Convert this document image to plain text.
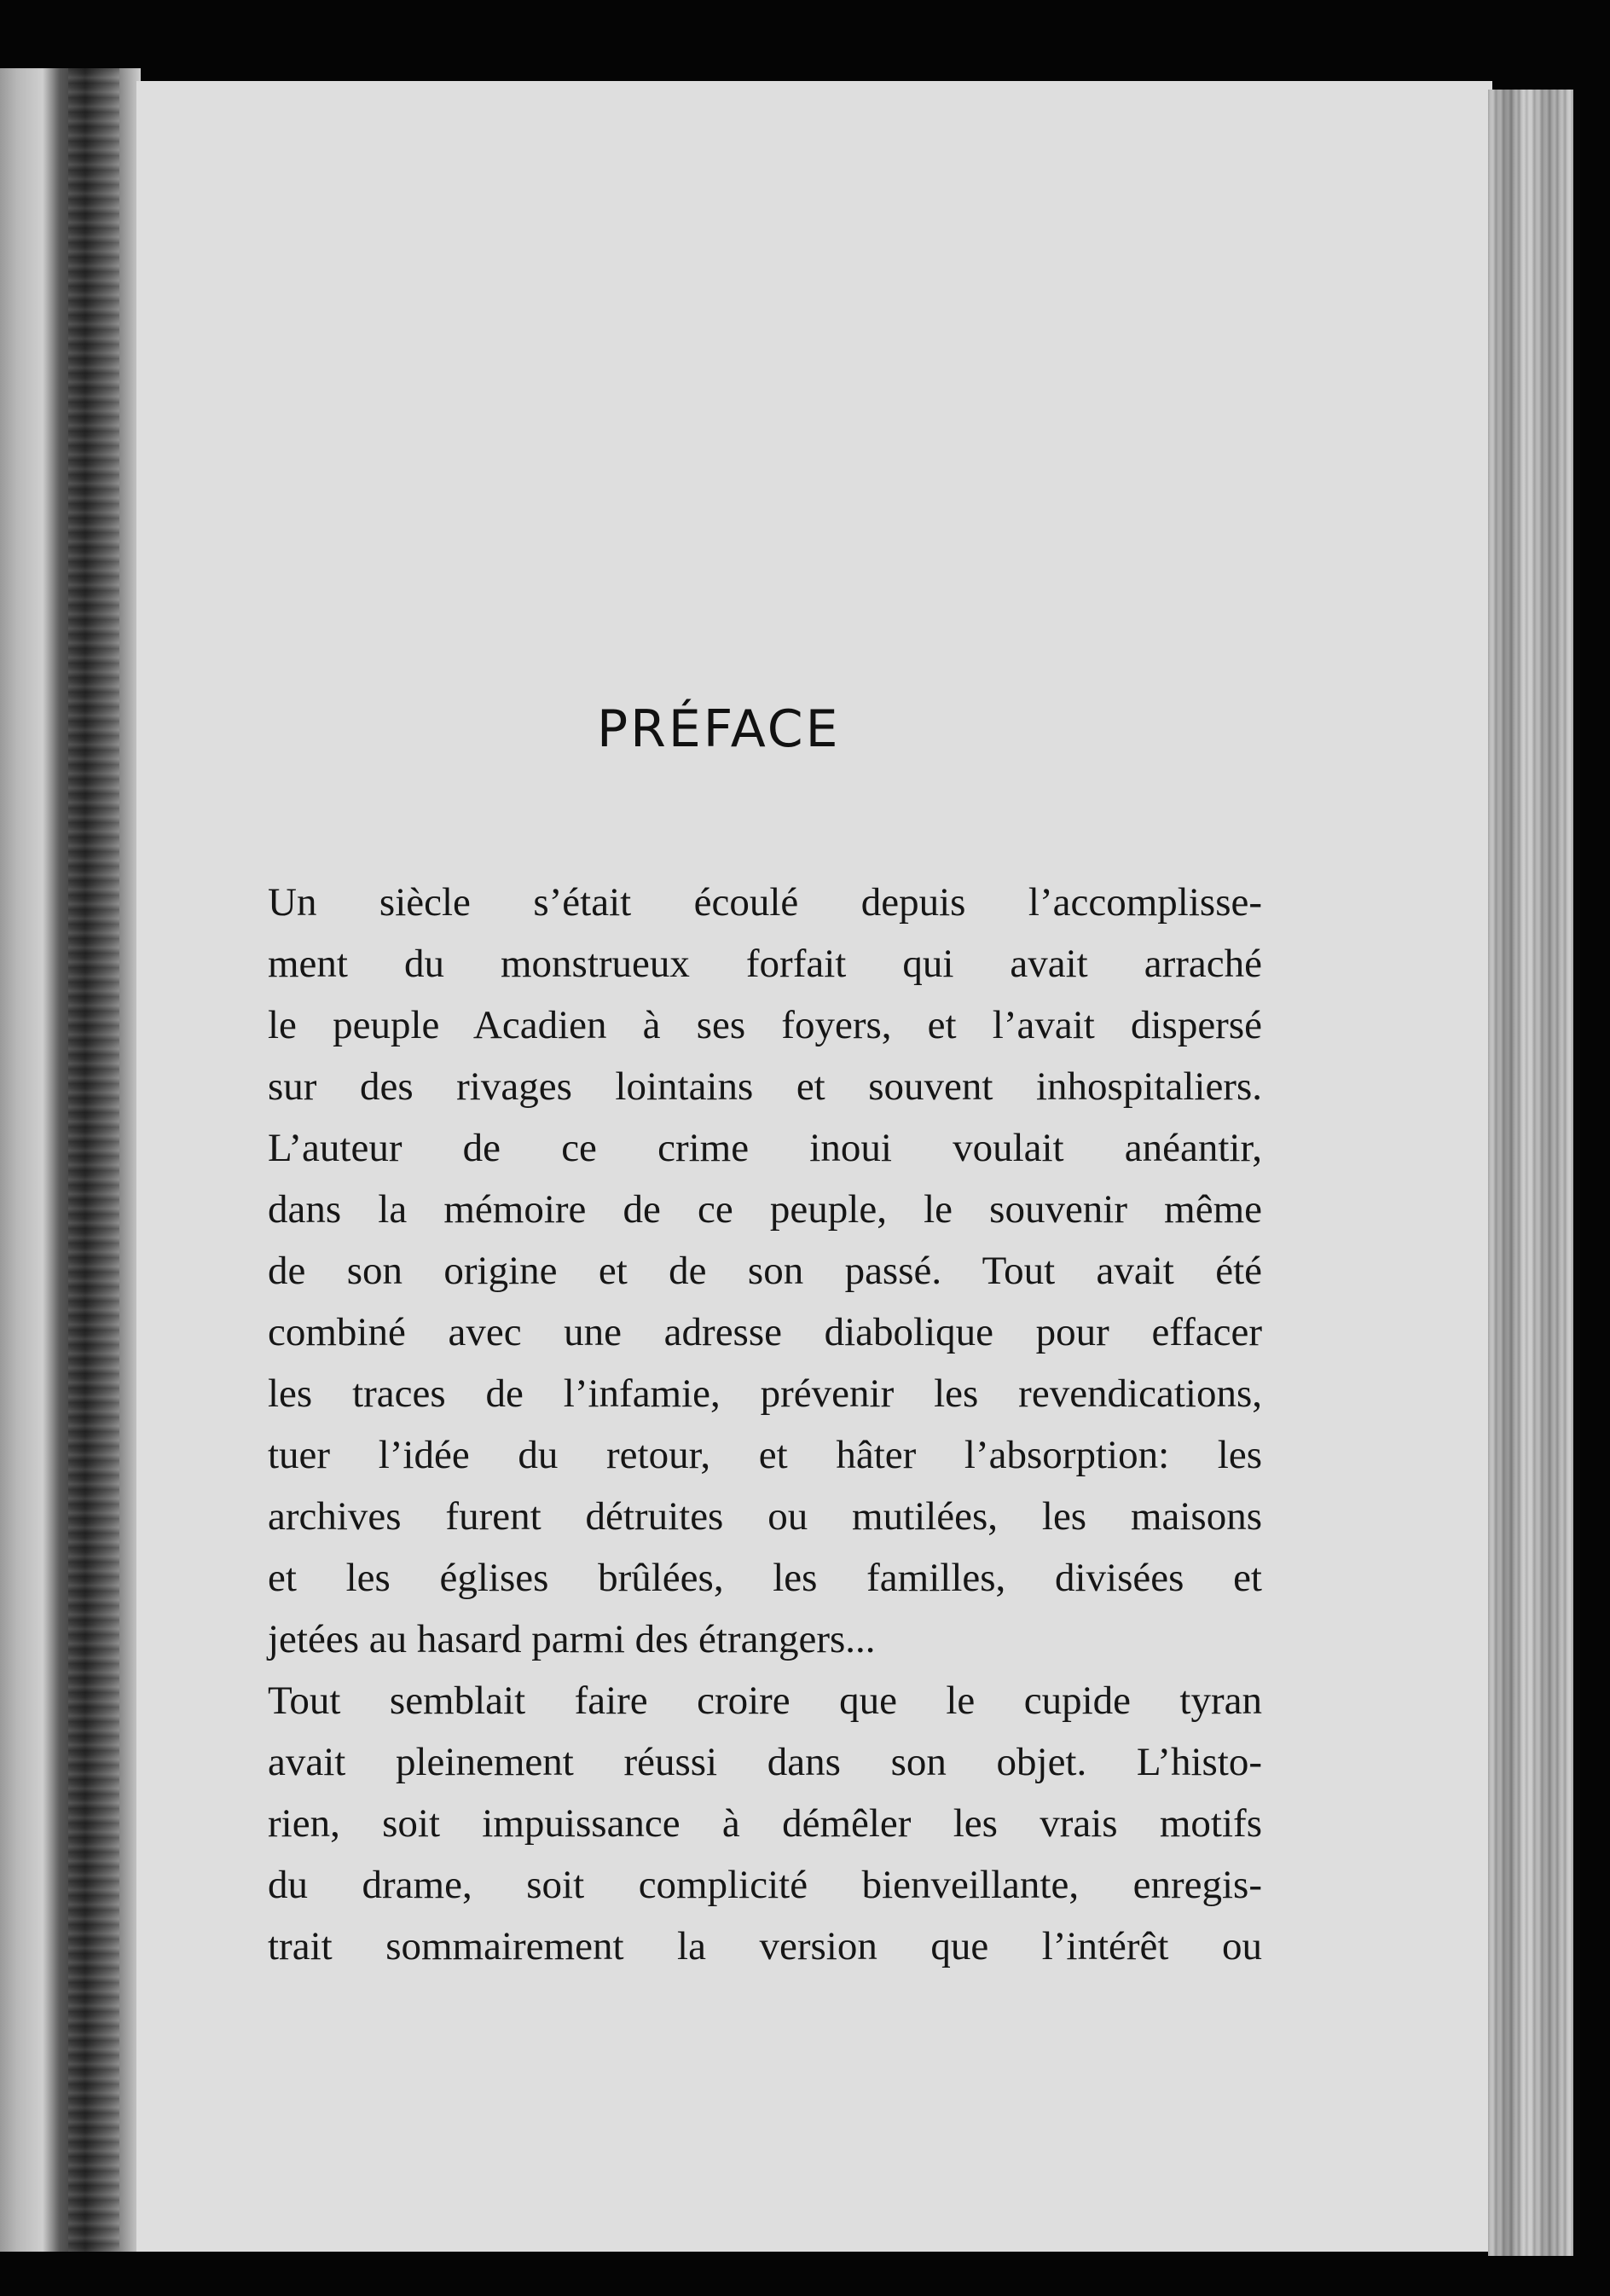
PRÉFACE

Un siècle s’était écoulé depuis l’accomplisse-
ment du monstrueux forfait qui avait arraché
le peuple Acadien à ses foyers, et l’avait dispersé
sur des rivages lointains et souvent inhospitaliers.

L’auteur de ce crime inoui voulait anéantir,
dans la mémoire de ce peuple, le souvenir même
de son origine et de son passé. Tout avait été
combiné avec une adresse diabolique pour effacer
les traces de l’infamie, prévenir les revendications,
tuer l’idée du retour, et hâter l’absorption: les
archives furent détruites ou mutilées, les maisons
et les églises brûlées, les familles, divisées et
jetées au hasard parmi des étrangers...

Tout semblait faire croire que le cupide tyran
avait pleinement réussi dans son objet. L’histo-
rien, soit impuissance à démêler les vrais motifs
du drame, soit complicité bienveillante, enregis-
trait sommairement la version que l’intérêt ou
